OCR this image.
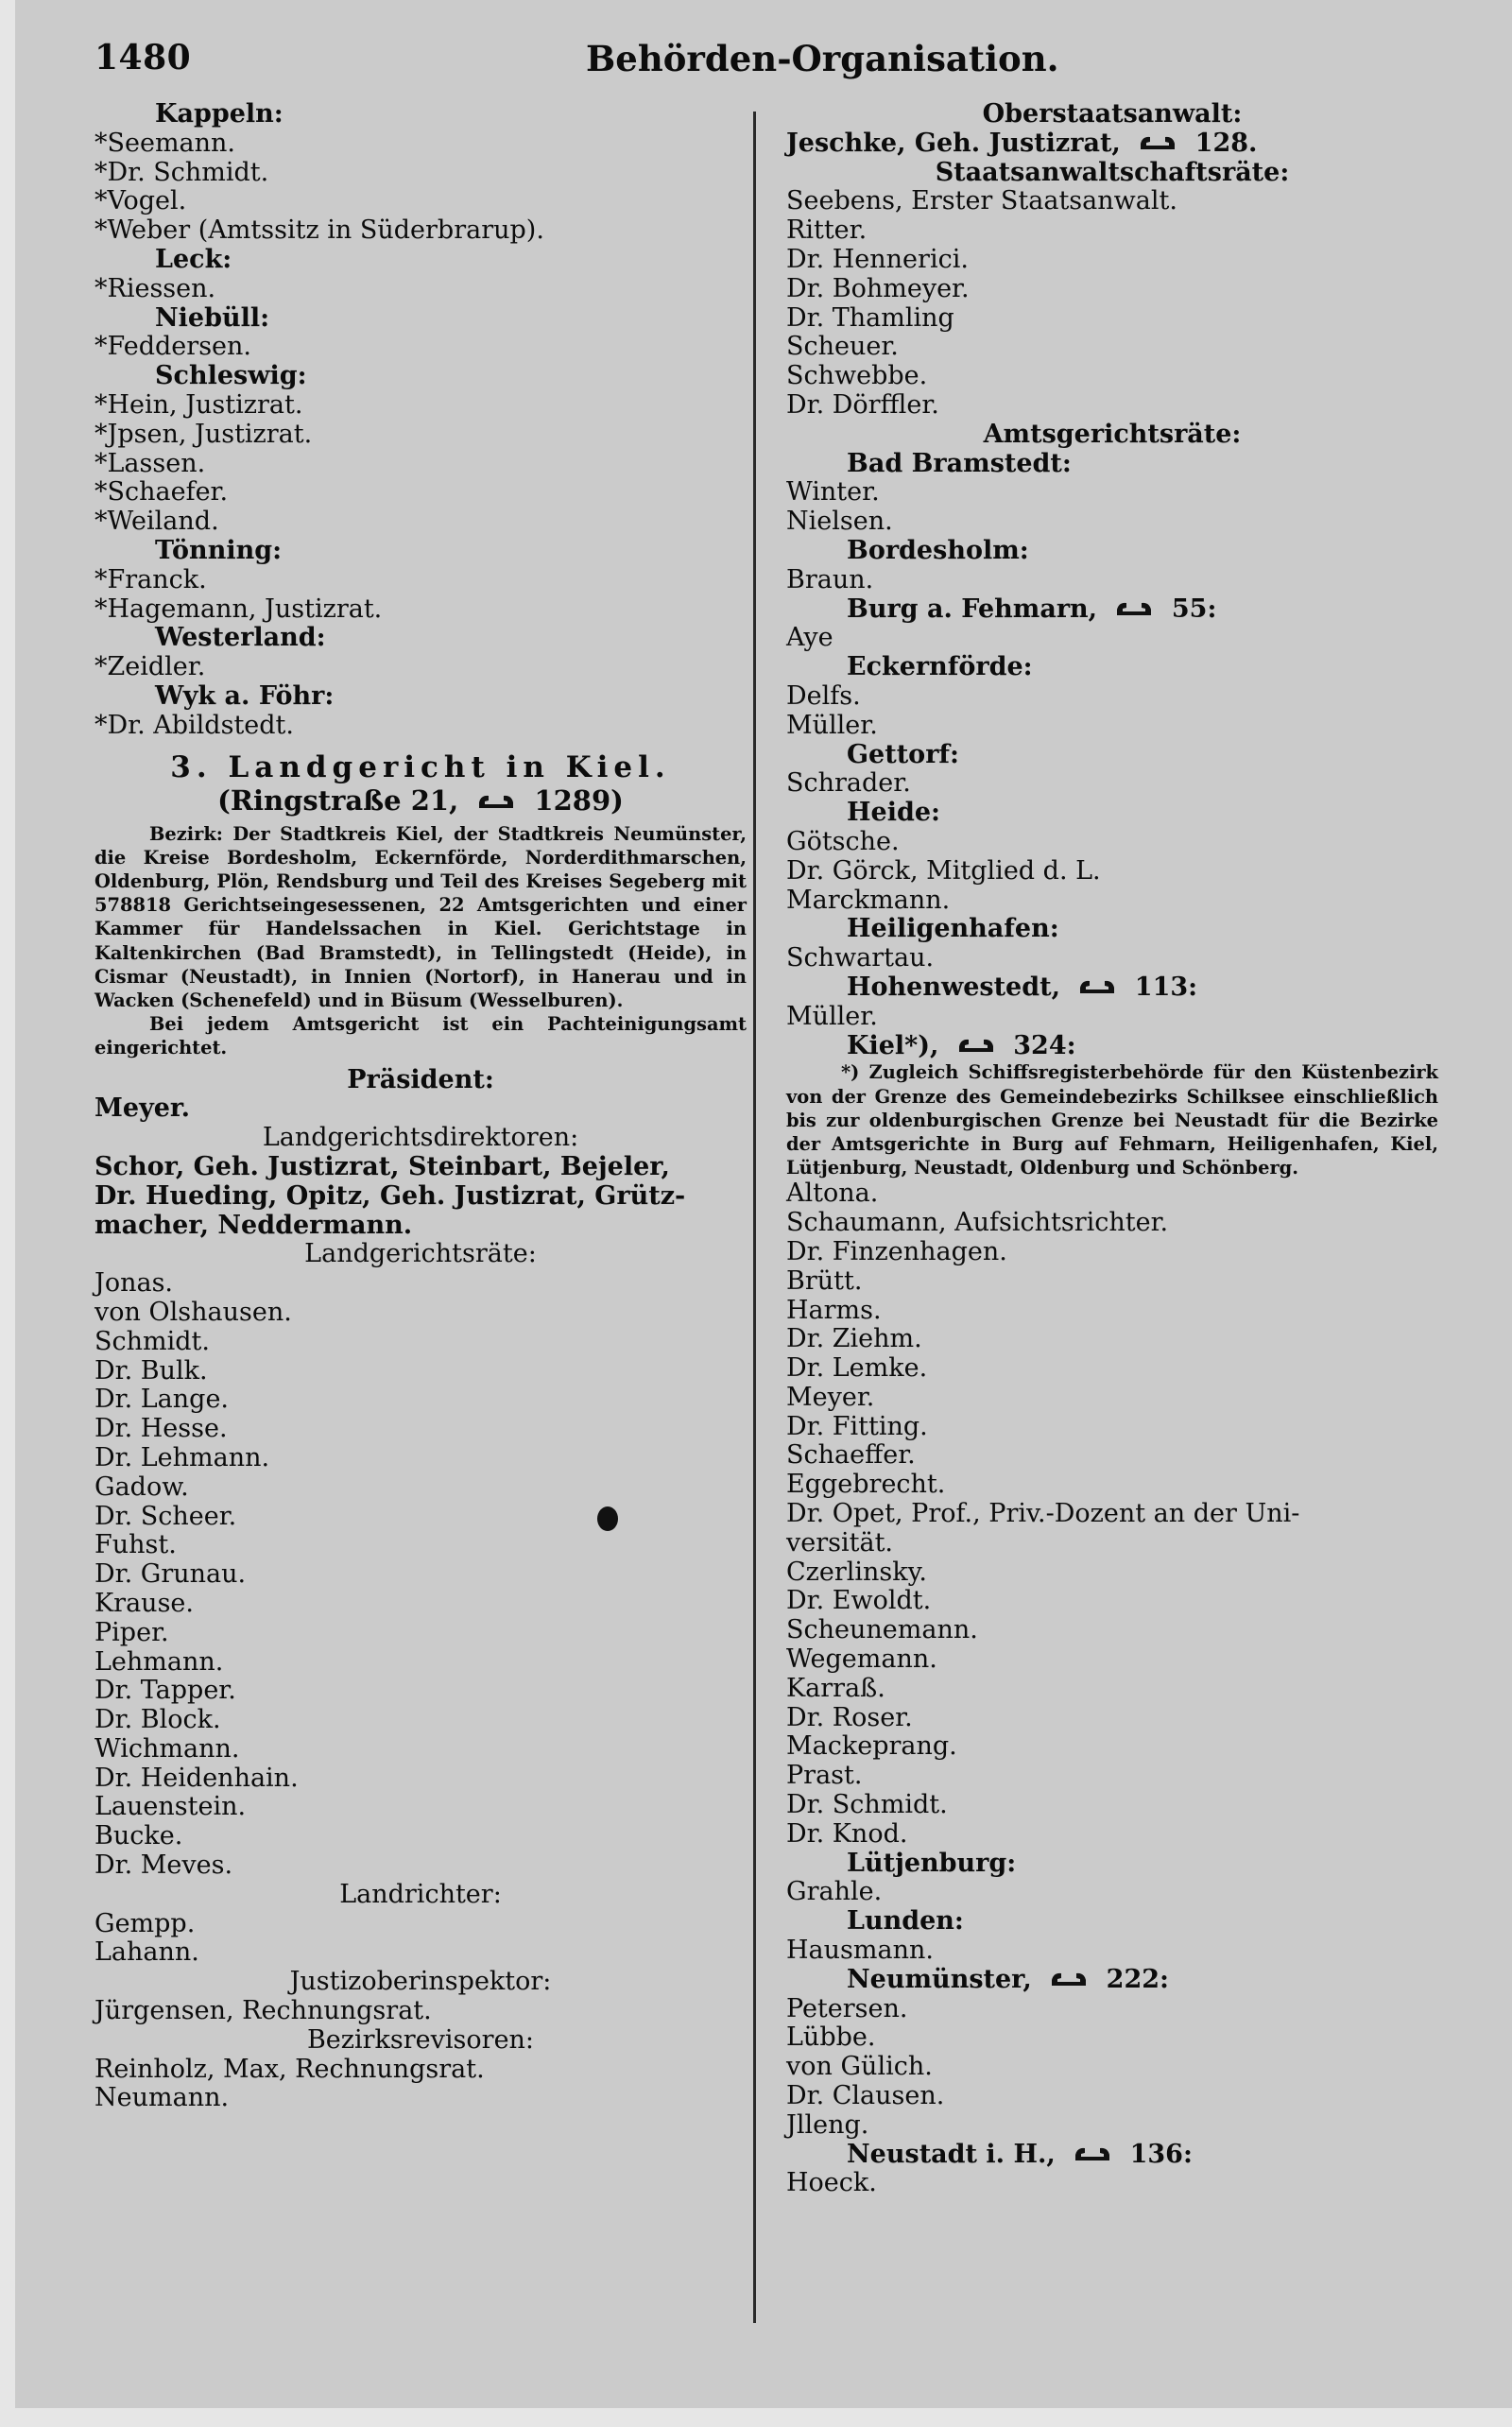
1480	Behörden-Organisation.
Kappeln:
*Seemann.
*Dr. Schmidt.
*Vogel.
*Weber (Amtssitz in Süderbrarup).
Leck:
*Riessen.
Niebüll:
*Feddersen.
Schleswig:
*Hein, Justizrat.
*Jpsen, Justizrat.
*Lassen.
*Schaefer.
*Weiland.
Tönning:
*Franck.
*Hagemann, Justizrat.
Westerland:
*Zeidler.
Wyk a. Föhr:
*Dr. Abildstedt.
3. Landgericht in Kiel.
(Ringstraße 21,	1289)
Bezirk: Der Stadtkreis Kiel, der Stadtkreis Neumünster, die Kreise Bordesholm, Eckernförde, Norderdithmarschen, Oldenburg, Plön, Rendsburg und Teil des Kreises Segeberg mit 578818 Gerichtseingesessenen, 22 Amtsgerichten und einer Kammer für Handelssachen in Kiel. Gerichtstage in Kaltenkirchen (Bad Bramstedt), in Tellingstedt (Heide), in Cismar (Neustadt), in Innien (Nortorf), in Hanerau und in Wacken (Schenefeld) und in Büsum (Wesselburen).
Bei jedem Amtsgericht ist ein Pachteinigungsamt eingerichtet.
Präsident:
Meyer.
Landgerichtsdirektoren:
Schor, Geh. Justizrat, Steinbart, Bejeler,
Dr. Hueding, Opitz, Geh. Justizrat, Grütz-
macher, Neddermann.
Landgerichtsräte:
Jonas.
von Olshausen.
Schmidt.
Dr. Bulk.
Dr. Lange.
Dr. Hesse.
Dr. Lehmann.
Gadow.
Dr. Scheer.
Fuhst.
Dr. Grunau.
Krause.
Piper.
Lehmann.
Dr. Tapper.
Dr. Block.
Wichmann.
Dr. Heidenhain.
Lauenstein.
Bucke.
Dr. Meves.
Landrichter:
Gempp.
Lahann.
Justizoberinspektor:
Jürgensen, Rechnungsrat.
Bezirksrevisoren:
Reinholz, Max, Rechnungsrat.
Neumann.
Oberstaatsanwalt:
Jeschke, Geh. Justizrat,	128.
Staatsanwaltschaftsräte:
Seebens, Erster Staatsanwalt.
Ritter.
Dr. Hennerici.
Dr. Bohmeyer.
Dr. Thamling
Scheuer.
Schwebbe.
Dr. Dörffler.
Amtsgerichtsräte:
Bad Bramstedt:
Winter.
Nielsen.
Bordesholm:
Braun.
Burg a. Fehmarn,	55:
Aye
Eckernförde:
Delfs.
Müller.
Gettorf:
Schrader.
Heide:
Götsche.
Dr. Görck, Mitglied d. L.
Marckmann.
Heiligenhafen:
Schwartau.
Hohenwestedt,	113:
Müller.
Kiel*),	324:
*) Zugleich Schiffsregisterbehörde für den Küstenbezirk von der Grenze des Gemeindebezirks Schilksee einschließlich bis zur oldenburgischen Grenze bei Neustadt für die Bezirke der Amtsgerichte in Burg auf Fehmarn, Heiligenhafen, Kiel, Lütjenburg, Neustadt, Oldenburg und Schönberg.
Altona.
Schaumann, Aufsichtsrichter.
Dr. Finzenhagen.
Brütt.
Harms.
Dr. Ziehm.
Dr. Lemke.
Meyer.
Dr. Fitting.
Schaeffer.
Eggebrecht.
Dr. Opet, Prof., Priv.-Dozent an der Uni-
versität.
Czerlinsky.
Dr. Ewoldt.
Scheunemann.
Wegemann.
Karraß.
Dr. Roser.
Mackeprang.
Prast.
Dr. Schmidt.
Dr. Knod.
Lütjenburg:
Grahle.
Lunden:
Hausmann.
Neumünster,	222:
Petersen.
Lübbe.
von Gülich.
Dr. Clausen.
Jlleng.
Neustadt i. H.,	136:
Hoeck.
